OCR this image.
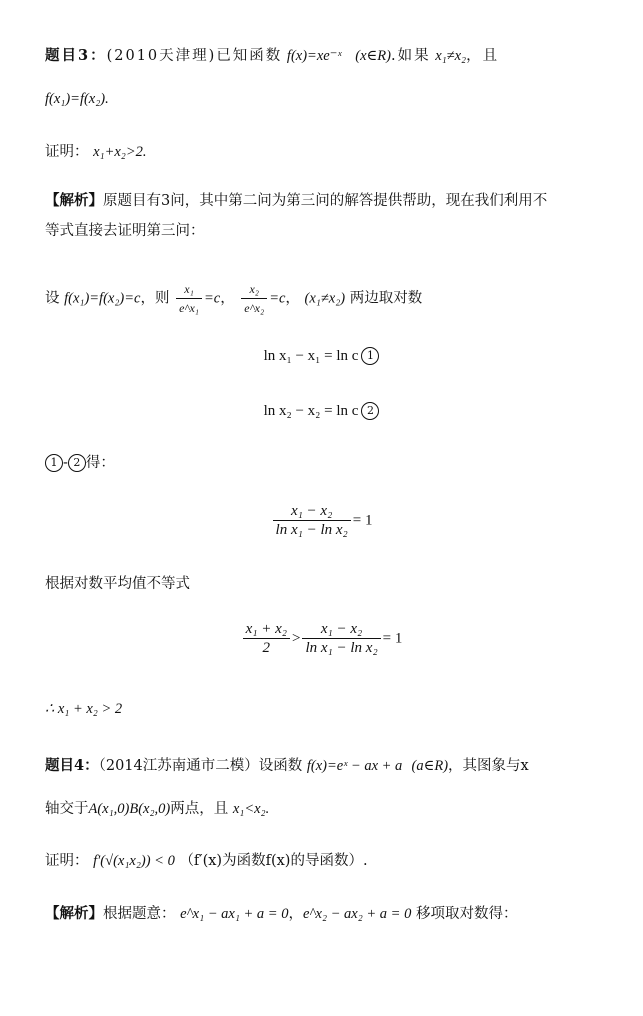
题目3：(2010天津理)已知函数 f(x)=xe⁻ˣ (x∈R).如果 x₁≠x₂，且
f(x₁)=f(x₂).
证明： x₁+x₂>2.
【解析】原题目有3问，其中第二问为第三问的解答提供帮助，现在我们利用不
等式直接去证明第三问：
设 f(x₁)=f(x₂)=c，则 $\frac{\text{x₁}}{\text{e\textasciicircum{}x₁}} =c$， $\frac{\text{x₂}}{\text{e\textasciicircum{}x₂}} =c$， (x₁≠x₂) 两边取对数
ln x₁ − x₁ = ln c 1
ln x₂ − x₂ = ln c 2
1 - 2 得：
$\frac{\text{x₁ − x₂}}{\text{ln x₁ − ln x₂}} = 1$
根据对数平均值不等式
$\frac{\text{x₁ + x₂}}{2} > \frac{\text{x₁ − x₂}}{\text{ln x₁ − ln x₂}} = 1$
∴ x₁ + x₂ > 2
题目4：（2014江苏南通市二模）设函数 f(x)=eˣ − ax + a (a∈R)，其图象与x
轴交于A(x₁,0)B(x₂,0)两点，且 x₁<x₂.
证明： f′(√(x₁x₂)) < 0 （f′(x)为函数f(x)的导函数）.
【解析】根据题意： e^x₁ − ax₁ + a = 0，e^x₂ − ax₂ + a = 0 移项取对数得：
